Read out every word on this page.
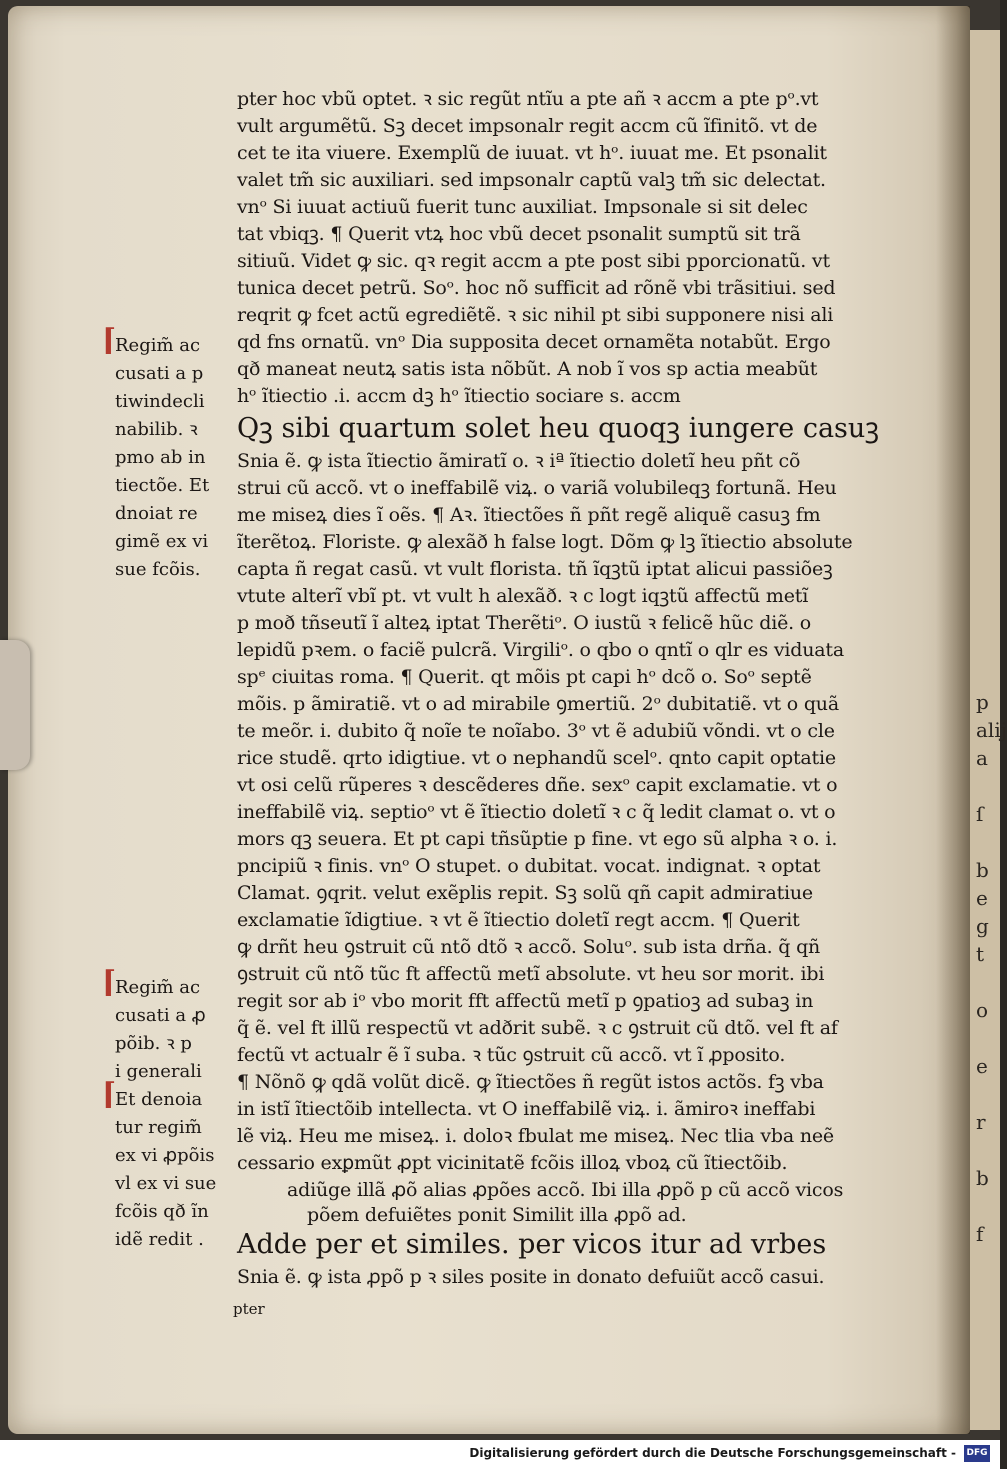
p
alij
a
ſ
b
e
g
t
o
e
r
b
f
pter hoc vbũ optet. ꝛ sic regũt ntĩu a pte añ ꝛ accm a pte pᵒ.vt
vult argumẽtũ. Sꝫ decet impsonalr regit accm cũ ĩfinitõ. vt de
cet te ita viuere. Exemplũ de iuuat. vt hᵒ. iuuat me. Et psonalit
valet tm̃ sic auxiliari. sed impsonalr captũ valꝫ tm̃ sic delectat.
vnᵒ Si iuuat actiuũ fuerit tunc auxiliat. Impsonale si sit delec
tat vbiqꝫ. ¶ Querit vtꝝ hoc vbũ decet psonalit sumptũ sit trã
sitiuũ. Videt ꝙ sic. qꝛ regit accm a pte post sibi pporcionatũ. vt
tunica decet petrũ. Soᵒ. hoc nõ sufficit ad rõnẽ vbi trãsitiui. sed
reqrit ꝙ fcet actũ egrediẽtẽ. ꝛ sic nihil pt sibi supponere nisi ali
qd fns ornatũ. vnᵒ Dia supposita decet ornamẽta notabũt. Ergo
qð maneat neutꝝ satis ista nõbũt. A nob ĩ vos sp actia meabũt
hᵒ ĩtiectio .i. accm dꝫ hᵒ ĩtiectio sociare s. accm
Qꝫ sibi quartum solet heu quoqꝫ iungere casuꝫ
Snia ẽ. ꝙ ista ĩtiectio ãmiratĩ o. ꝛ iª ĩtiectio doletĩ heu pñt cõ
strui cũ accõ. vt o ineffabilẽ viꝝ. o variã volubileqꝫ fortunã. Heu
me miseꝝ dies ĩ oẽs. ¶ Aꝛ. ĩtiectões ñ pñt regẽ aliquẽ casuꝫ fm
ĩterẽtoꝝ. Floriste. ꝙ alexãð h false logt. Dõm ꝙ lꝫ ĩtiectio absolute
capta ñ regat casũ. vt vult florista. tñ ĩqꝫtũ iptat alicui passiõeꝫ
vtute alterĩ vbĩ pt. vt vult h alexãð. ꝛ c logt iqꝫtũ affectũ metĩ
p moð tñseutĩ ĩ alteꝝ iptat Therẽtiᵒ. O iustũ ꝛ felicẽ hũc diẽ. o
lepidũ pꝛem. o faciẽ pulcrã. Virgiliᵒ. o qbo o qntĩ o qlr es viduata
spᵉ ciuitas roma. ¶ Querit. qt mõis pt capi hᵒ dcõ o. Soᵒ septẽ
mõis. p ãmiratiẽ. vt o ad mirabile ꝯmertiũ. 2ᵒ dubitatiẽ. vt o quã
te meõr. i. dubito q̃ noĩe te noĩabo. 3ᵒ vt ẽ adubiũ võndi. vt o cle
rice studẽ. qrto idigtiue. vt o nephandũ scelᵒ. qnto capit optatie
vt osi celũ rũperes ꝛ descẽderes dñe. sexᵒ capit exclamatie. vt o
ineffabilẽ viꝝ. septioᵒ vt ẽ ĩtiectio doletĩ ꝛ c q̃ ledit clamat o. vt o
mors qꝫ seuera. Et pt capi tñsũptie p fine. vt ego sũ alpha ꝛ o. i.
pncipiũ ꝛ finis. vnᵒ O stupet. o dubitat. vocat. indignat. ꝛ optat
Clamat. ꝯqrit. velut exẽplis repit. Sꝫ solũ qñ capit admiratiue
exclamatie ĩdigtiue. ꝛ vt ẽ ĩtiectio doletĩ regt accm. ¶ Querit
ꝙ drñt heu ꝯstruit cũ ntõ dtõ ꝛ accõ. Soluᵒ. sub ista drña. q̃ qñ
ꝯstruit cũ ntõ tũc ft affectũ metĩ absolute. vt heu sor morit. ibi
regit sor ab iᵒ vbo morit fft affectũ metĩ p ꝯpatioꝫ ad subaꝫ in
q̃ ẽ. vel ft illũ respectũ vt adðrit subẽ. ꝛ c ꝯstruit cũ dtõ. vel ft af
fectũ vt actualr ẽ ĩ suba. ꝛ tũc ꝯstruit cũ accõ. vt ĩ ꝓposito.
¶ Nõnõ ꝙ qdã volũt dicẽ. ꝙ ĩtiectões ñ regũt istos actõs. fꝫ vba
in istĩ ĩtiectõib intellecta. vt O ineffabilẽ viꝝ. i. ãmiroꝛ ineffabi
lẽ viꝝ. Heu me miseꝝ. i. doloꝛ fbulat me miseꝝ. Nec tlia vba neẽ
cessario exꝑmũt ꝓpt vicinitatẽ fcõis illoꝝ vboꝝ cũ ĩtiectõib.
adiũge illã ꝓõ alias ꝓpões accõ. Ibi illa ꝓpõ p cũ accõ vicos
põem defuiẽtes ponit Similit illa ꝓpõ ad.
Adde per et similes. per vicos itur ad vrbes
Snia ẽ. ꝙ ista ꝓpõ p ꝛ siles posite in donato defuiũt accõ casui.
pter
⌈
Regim̃ ac
cusati a p
tiwindecli
nabilib. ꝛ
pmo ab in
tiectõe. Et
dnoiat re
gimẽ ex vi
sue fcõis.
⌈
Regim̃ ac
cusati a ꝓ
põib. ꝛ p
i generali
⌈
Et denoia
tur regim̃
ex vi ꝓpõis
vl ex vi sue
fcõis qð ĩn
idẽ redit .
Digitalisierung gefördert durch die Deutsche Forschungsgemeinschaft - DFG
